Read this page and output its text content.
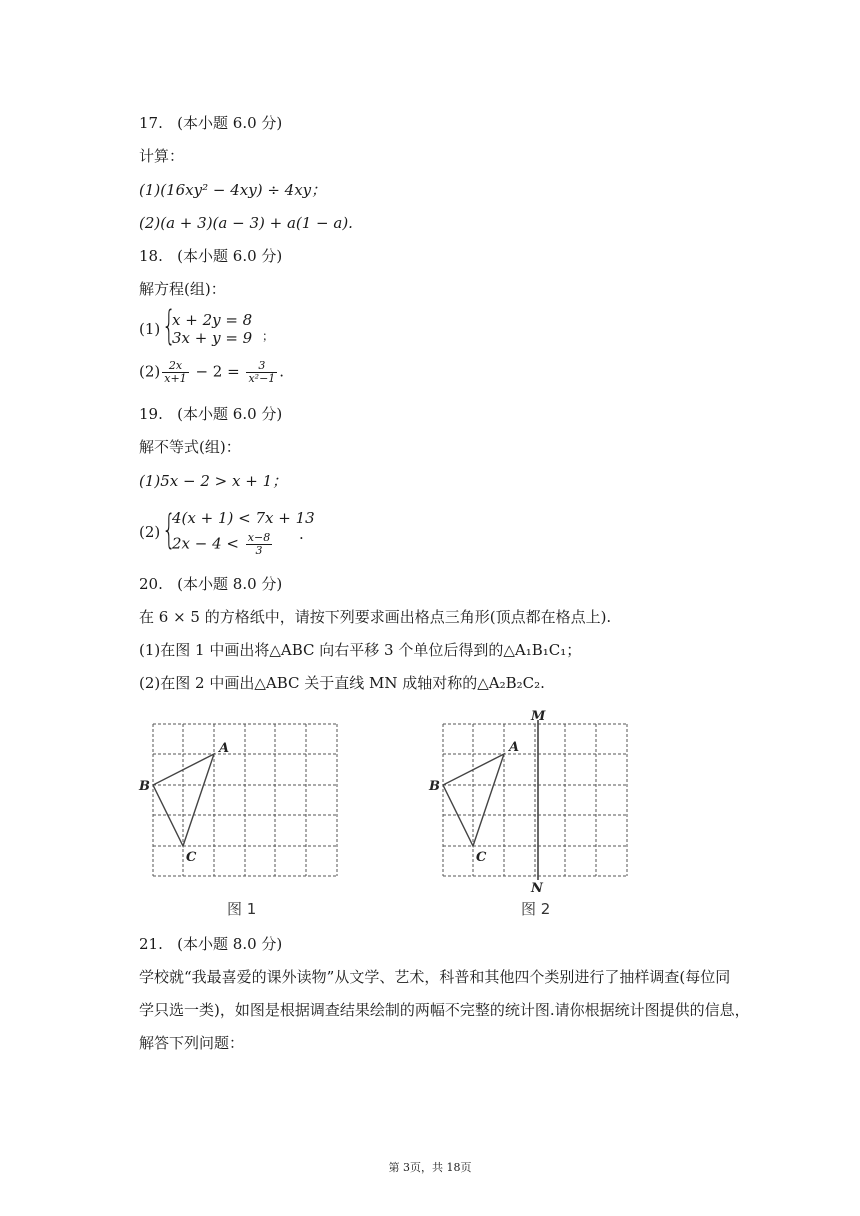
17.   (本小题 6.0 分)
计算：
(1)(16xy² − 4xy) ÷ 4xy；
(2)(a + 3)(a − 3) + a(1 − a).
18.   (本小题 6.0 分)
解方程(组)：
(1) {
x + 2y = 8
3x + y = 9 ；
$(2) \frac{2x}{x+1} - 2 = \frac{3}{\text{x²−1}}$ .
19.   (本小题 6.0 分)
解不等式(组)：
(1)5x − 2 > x + 1；
(2) {
4(x + 1) < 7x + 13
$2x - 4 < \frac{x-8}{3}$ .
20.   (本小题 8.0 分)
在 6 × 5 的方格纸中，请按下列要求画出格点三角形(顶点都在格点上).
(1)在图 1 中画出将△ABC 向右平移 3 个单位后得到的△A₁B₁C₁；
(2)在图 2 中画出△ABC 关于直线 MN 成轴对称的△A₂B₂C₂.
A
B
C
图 1
M
N
A
B
C
图 2
21.   (本小题 8.0 分)
学校就“我最喜爱的课外读物”从文学、艺术，科普和其他四个类别进行了抽样调查(每位同
学只选一类)，如图是根据调查结果绘制的两幅不完整的统计图.请你根据统计图提供的信息，
解答下列问题：
第 3页，共 18页
